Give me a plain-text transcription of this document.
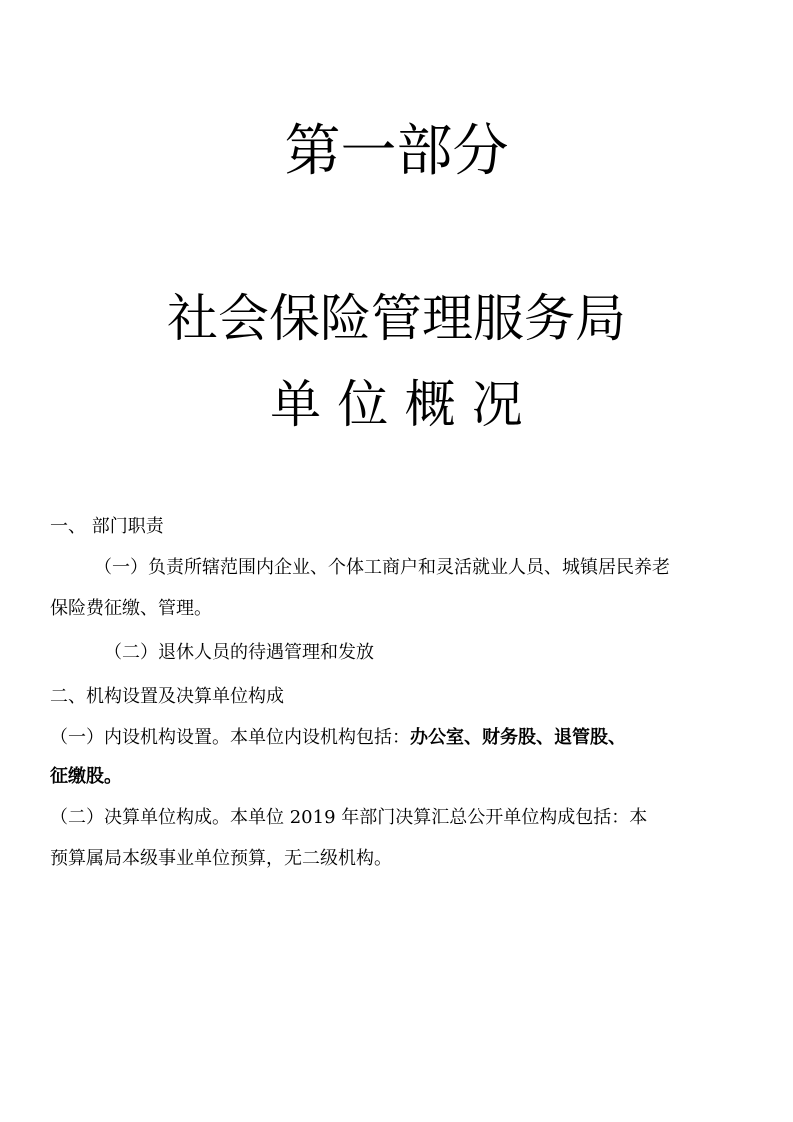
第一部分
社会保险管理服务局
单 位 概 况
一、 部门职责
（一）负责所辖范围内企业、个体工商户和灵活就业人员、城镇居民养老
保险费征缴、管理。
（二）退休人员的待遇管理和发放
二、机构设置及决算单位构成
（一）内设机构设置。本单位内设机构包括：办公室、财务股、退管股、
征缴股。
（二）决算单位构成。本单位 2019 年部门决算汇总公开单位构成包括：本
预算属局本级事业单位预算，无二级机构。
